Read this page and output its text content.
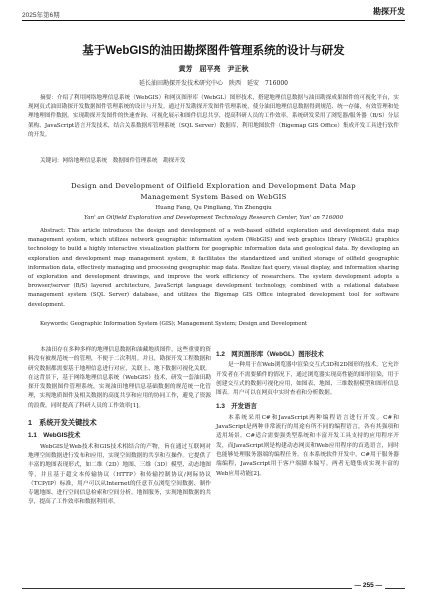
2025年第6期	勘探开发
基于WebGIS的油田勘探图件管理系统的设计与研发
黄芳　屈平亮　尹正秋
延长油田勘探开发技术研究中心　陕西　延安　716000
摘要：介绍了利用网络地理信息系统（WebGIS）和网页图形库（WebGL）图形技术，搭建地理信息数据与油田勘探成果图件的可视化平台，实现网页式油田勘探开发数据图件管理系统的设计与开发。通过开发勘探开发图件管理系统，使分油田地理信息数据得到规范、统一存储，有效管理和处理地理图件数据。实现勘探开发图件的快速查询、可视化展示和图件信息共享，提高科研人员的工作效率。系统研发采用了浏览器/服务器（B/S）分层架构、JavaScript语言开发技术，结合关系数据库管理系统（SQL Server）数据库，利用地图软件（Bigemap GIS Office）集成开发工具进行软件的开发。
关键词：网络地理信息系统　数据图件管理系统　勘探开发
Design and Development of Oilfield Exploration and Development Data Map Management System Based on WebGIS
Huang Fang, Qu Pingliang, Yin Zhengqiu
Yan' an Oilfield Exploration and Development Technology Research Center, Yan' an 716000
Abstract: This article introduces the design and development of a web-based oilfield exploration and development data map management system, which utilizes network geographic information system (WebGIS) and web graphics library (WebGL) graphics technology to build a highly interactive visualization platform for geographic information data and geological data. By developing an exploration and development map management system, it facilitates the standardized and unified storage of oilfield geographic information data, effectively managing and processing geographic map data. Realize fast query, visual display, and information sharing of exploration and development drawings, and improve the work efficiency of researchers. The system development adopts a browser/server (B/S) layered architecture, JavaScript language development technology, combined with a relational database management system (SQL Server) database, and utilizes the Bigemap GIS Office integrated development tool for software development.
Keywords: Geographic Information System (GIS); Management System; Design and Development

本油田存在多种多样的地理信息数据和油藏地质图件，这些重要的资料没有被规范统一的管理，不便于二次利用。并且，勘探开发工程数据和研究数据都需要基于地理信息进行对应，关联上、地下数据可视化关联。在这背景下，基于网络地理信息系统（WebGIS）技术，研发一套油田勘探开发数据图件管理系统，实现油田地理信息基础数据的规范统一化管理，实现地质图件及相关数据的高度共享和应用的协同工作，避免了资源的浪费，同时提高了科研人员的工作效率[1]。

1　系统开发关键技术
1.1　WebGIS技术

WebGIS是Web技术和GIS技术相结合的产物，旨在通过互联网对地理空间数据进行发布和应用，实现空间数据的共享和互操作。它提供了丰富的地图表现形式，如二维（2D）地图、三维（3D）模型、动态地图等，并且基于超文本传输协议（HTTP）和传输控制协议/网际协议（TCP/IP）标准，用户可以从Internet的任意节点浏览空间数据、制作专题地图、进行空间信息检索和空间分析。地图服务，实现地图数据的共享，提高了工作效率和数据利用率。

1.2　网页图形库（WebGL）图形技术

是一种用于在Web浏览器中渲染交互式3D和2D图形的技术。它允许开发者在不需要插件的情况下，通过浏览器实现高性能的图形渲染，用于创建交互式的数据可视化应用，如图表、地图、三维数据模型和图形信息图表。用户可以在网页中实时查看和分析数据。

1.3　开发语言

本系统采用C#和JavaScript两种编程语言进行开发。C#和JavaScript是两种非常流行的用途有所不同的编程语言，各有其强项和适用场景。C#适合需要强类型系统和丰富开发工具支持的应用程序开发，而JavaScript则是构建动态网页和Web应用程序的首选语言，同时也能够处理服务器端的编程任务。在本系统软件开发中，C#用于服务器端编程，JavaScript用于客户端脚本编写。两者无缝集成实现丰富的Web应用功能[2]。

— 255 —
